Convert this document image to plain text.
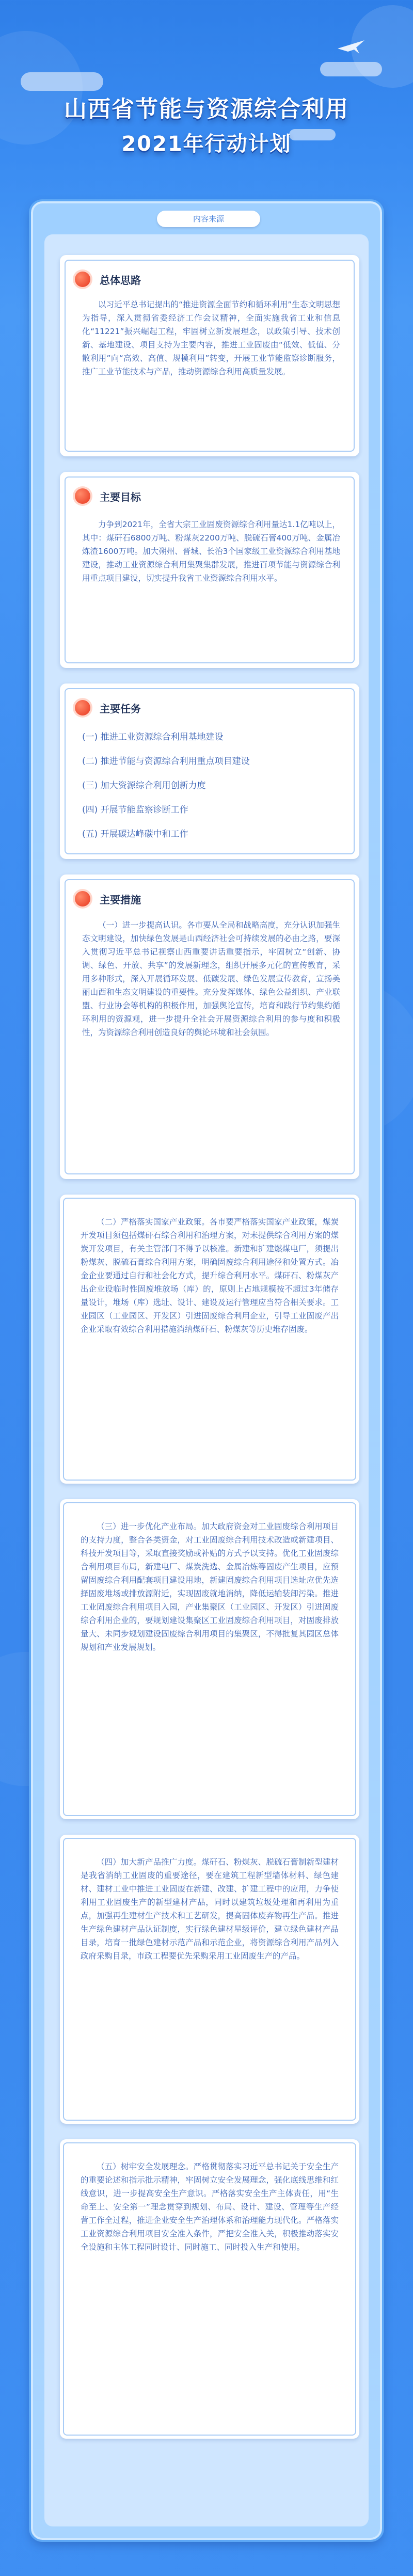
山西省节能与资源综合利用
2021年行动计划
内容来源
总体思路
以习近平总书记提出的“推进资源全面节约和循环利用”生态文明思想为指导，深入贯彻省委经济工作会议精神，全面实施我省工业和信息化“11221”振兴崛起工程，牢固树立新发展理念，以政策引导、技术创新、基地建设、项目支持为主要内容，推进工业固废由“低效、低值、分散利用”向“高效、高值、规模利用”转变，开展工业节能监察诊断服务，推广工业节能技术与产品，推动资源综合利用高质量发展。
主要目标
力争到2021年，全省大宗工业固废资源综合利用量达1.1亿吨以上，其中：煤矸石6800万吨、粉煤灰2200万吨、脱硫石膏400万吨、金属冶炼渣1600万吨。加大朔州、晋城、长治3个国家级工业资源综合利用基地建设，推动工业资源综合利用集聚集群发展，推进百项节能与资源综合利用重点项目建设，切实提升我省工业资源综合利用水平。
主要任务
(一) 推进工业资源综合利用基地建设
(二) 推进节能与资源综合利用重点项目建设
(三) 加大资源综合利用创新力度
(四) 开展节能监察诊断工作
(五) 开展碳达峰碳中和工作
主要措施
（一）进一步提高认识。各市要从全局和战略高度，充分认识加强生态文明建设，加快绿色发展是山西经济社会可持续发展的必由之路，要深入贯彻习近平总书记视察山西重要讲话重要指示，牢固树立“创新、协调、绿色、开放、共享”的发展新理念，组织开展多元化的宣传教育，采用多种形式，深入开展循环发展、低碳发展、绿色发展宣传教育，宣扬美丽山西和生态文明建设的重要性。充分发挥媒体、绿色公益组织、产业联盟、行业协会等机构的积极作用，加强舆论宣传，培育和践行节约集约循环利用的资源观，进一步提升全社会开展资源综合利用的参与度和积极性，为资源综合利用创造良好的舆论环境和社会氛围。
（二）严格落实国家产业政策。各市要严格落实国家产业政策，煤炭开发项目须包括煤矸石综合利用和治理方案，对未提供综合利用方案的煤炭开发项目，有关主管部门不得予以核准。新建和扩建燃煤电厂，须提出粉煤灰、脱硫石膏综合利用方案，明确固废综合利用途径和处置方式。冶金企业要通过自行和社会化方式，提升综合利用水平。煤矸石、粉煤灰产出企业设临时性固废堆放场（库）的，原则上占地规模按不超过3年储存量设计，堆场（库）选址、设计、建设及运行管理应当符合相关要求。工业园区（工业园区、开发区）引进固废综合利用企业，引导工业固废产出企业采取有效综合利用措施消纳煤矸石、粉煤灰等历史堆存固废。
（三）进一步优化产业布局。加大政府资金对工业固废综合利用项目的支持力度，整合各类资金，对工业固废综合利用技术改造或新建项目、科技开发项目等，采取直接奖励或补贴的方式予以支持。优化工业固废综合利用项目布局，新建电厂、煤炭洗选、金属冶炼等固废产生项目，应预留固废综合利用配套项目建设用地，新建固废综合利用项目选址应优先选择固废堆场或排放源附近，实现固废就地消纳，降低运输装卸污染。推进工业固废综合利用项目入园，产业集聚区（工业园区、开发区）引进固废综合利用企业的，要规划建设集聚区工业固废综合利用项目，对固废排放量大、未同步规划建设固废综合利用项目的集聚区，不得批复其园区总体规划和产业发展规划。
（四）加大新产品推广力度。煤矸石、粉煤灰、脱硫石膏制新型建材是我省消纳工业固废的重要途径，要在建筑工程新型墙体材料、绿色建材、建材工业中推进工业固废在新建、改建、扩建工程中的应用，力争使利用工业固废生产的新型建材产品，同时以建筑垃圾处理和再利用为重点，加强再生建材生产技术和工艺研发，提高固体废弃物再生产品。推进生产绿色建材产品认证制度，实行绿色建材星级评价，建立绿色建材产品目录，培育一批绿色建材示范产品和示范企业，将资源综合利用产品列入政府采购目录，市政工程要优先采购采用工业固废生产的产品。
（五）树牢安全发展理念。严格贯彻落实习近平总书记关于安全生产的重要论述和指示批示精神，牢固树立安全发展理念，强化底线思维和红线意识，进一步提高安全生产意识。严格落实安全生产主体责任，用“生命至上、安全第一”理念贯穿到规划、布局、设计、建设、管理等生产经营工作全过程，推进企业安全生产治理体系和治理能力现代化。严格落实工业资源综合利用项目安全准入条件，严把安全准入关，积极推动落实安全设施和主体工程同时设计、同时施工、同时投入生产和使用。
